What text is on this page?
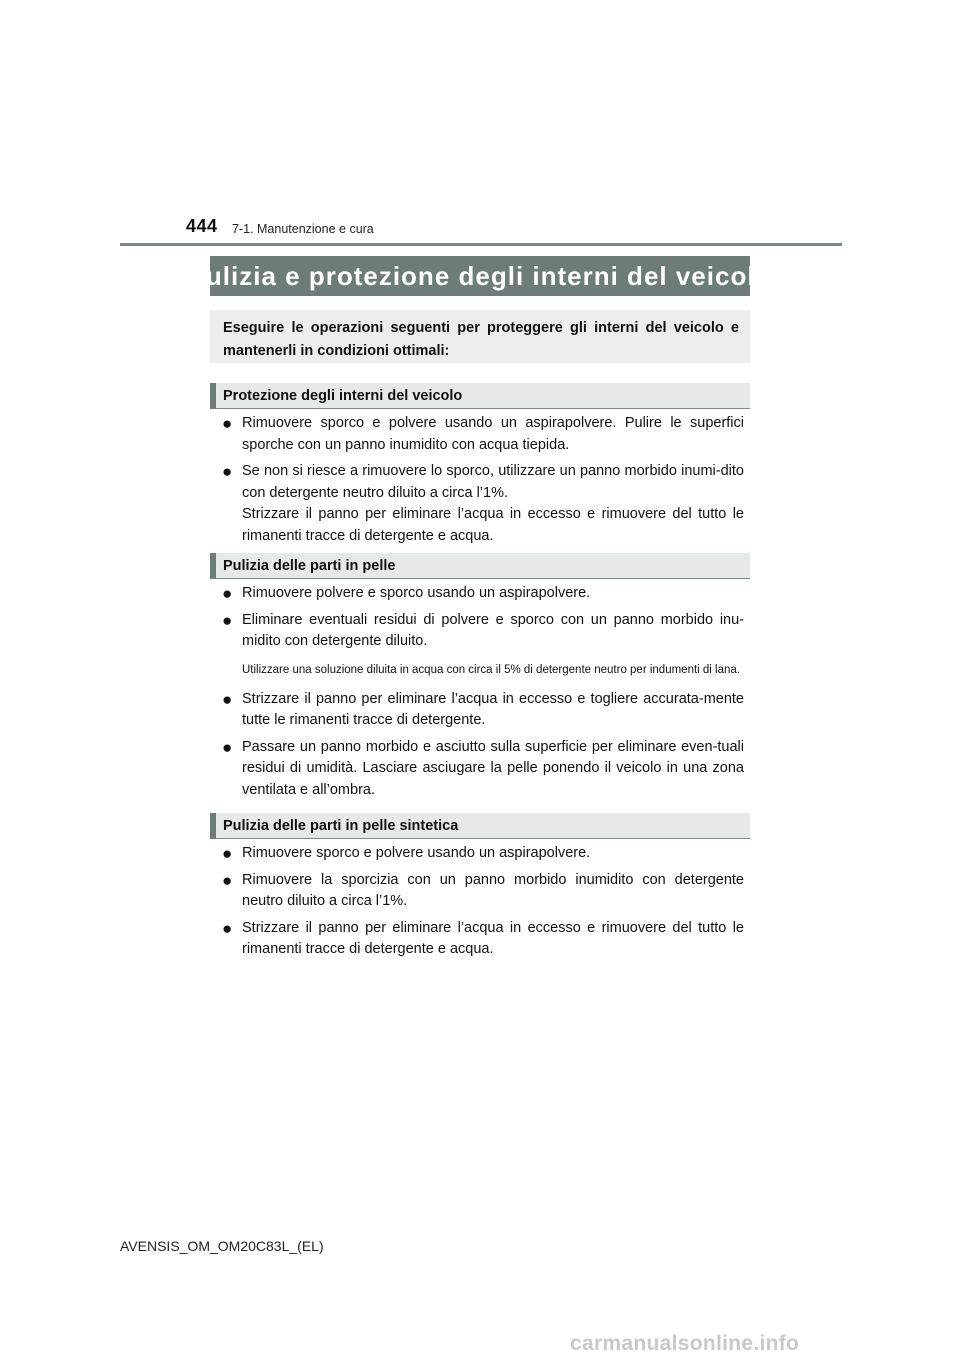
444 7-1. Manutenzione e cura
Pulizia e protezione degli interni del veicolo
Eseguire le operazioni seguenti per proteggere gli interni del veicolo e mantenerli in condizioni ottimali:
Protezione degli interni del veicolo
● Rimuovere sporco e polvere usando un aspirapolvere. Pulire le superfici sporche con un panno inumidito con acqua tiepida.
● Se non si riesce a rimuovere lo sporco, utilizzare un panno morbido inumi-dito con detergente neutro diluito a circa l’1%.
Strizzare il panno per eliminare l’acqua in eccesso e rimuovere del tutto le rimanenti tracce di detergente e acqua.
Pulizia delle parti in pelle
● Rimuovere polvere e sporco usando un aspirapolvere.
● Eliminare eventuali residui di polvere e sporco con un panno morbido inu-midito con detergente diluito.
Utilizzare una soluzione diluita in acqua con circa il 5% di detergente neutro per indumenti di lana.
● Strizzare il panno per eliminare l’acqua in eccesso e togliere accurata-mente tutte le rimanenti tracce di detergente.
● Passare un panno morbido e asciutto sulla superficie per eliminare even-tuali residui di umidità. Lasciare asciugare la pelle ponendo il veicolo in una zona ventilata e all’ombra.
Pulizia delle parti in pelle sintetica
● Rimuovere sporco e polvere usando un aspirapolvere.
● Rimuovere la sporcizia con un panno morbido inumidito con detergente neutro diluito a circa l’1%.
● Strizzare il panno per eliminare l’acqua in eccesso e rimuovere del tutto le rimanenti tracce di detergente e acqua.
AVENSIS_OM_OM20C83L_(EL)
carmanualsonline.info
